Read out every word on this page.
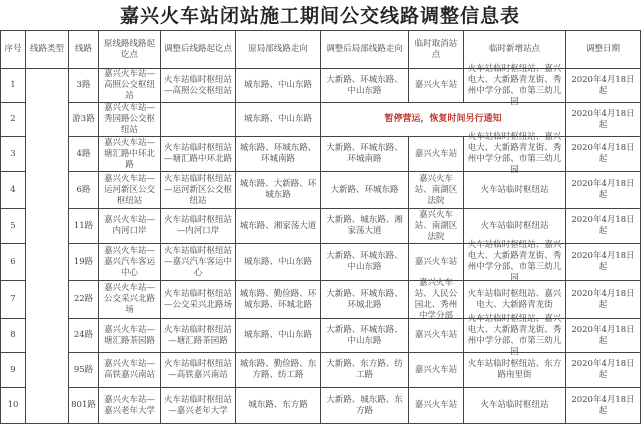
嘉兴火车站闭站施工期间公交线路调整信息表
序号	线路类型	线路	原线路线路起讫点	调整后线路起讫点	原局部线路走向	调整后局部线路走向	临时取消站点	临时新增站点	调整日期

1		3路

嘉兴火车站—高照公交枢纽站

火车站临时枢纽站—高照公交枢纽站

城东路、中山东路

大新路、环城东路、中山东路

嘉兴火车站

火车站临时枢纽站、嘉兴电大、大新路青龙街、秀州中学分部、市第三幼儿园

2020年4月18日起

2	游3路

嘉兴火车站—秀园路公交枢纽站

城东路、中山东路	暂停营运，恢复时间另行通知

2020年4月18日起

3	4路

嘉兴火车站—塘汇路中环北路

火车站临时枢纽站—塘汇路中环北路

城东路、环城东路、环城南路

大新路、环城东路、环城南路

嘉兴火车站

火车站临时枢纽站、嘉兴电大、大新路青龙街、秀州中学分部、市第三幼儿园

2020年4月18日起

4	6路

嘉兴火车站—运河新区公交枢纽站

火车站临时枢纽站—运河新区公交枢纽站

城东路、大新路、环城东路

大新路、环城东路

嘉兴火车站、南湖区法院

火车站临时枢纽站

2020年4月18日起

5	11路

嘉兴火车站—内河口岸

火车站临时枢纽站—内河口岸

城东路、湘家荡大道

大新路、城东路、湘家荡大道

嘉兴火车站、南湖区法院

火车站临时枢纽站

2020年4月18日起

6	19路

嘉兴火车站—嘉兴汽车客运中心

火车站临时枢纽站—嘉兴汽车客运中心

城东路、中山东路

大新路、环城东路、中山东路

嘉兴火车站

火车站临时枢纽站、嘉兴电大、大新路青龙街、秀州中学分部、市第三幼儿园

2020年4月18日起

7	22路

嘉兴火车站—公交采兴北路场

火车站临时枢纽站—公交采兴北路场

城东路、勤俭路、环城东路、环城北路

大新路、环城东路、环城北路

嘉兴火车站、人民公园北、秀州中学分部

火车站临时枢纽站、嘉兴电大、大新路青龙街

2020年4月18日起

8	24路

嘉兴火车站—塘汇路茶园路

火车站临时枢纽站—塘汇路茶园路

城东路、中山东路

大新路、环城东路、中山东路

嘉兴火车站

火车站临时枢纽站、嘉兴电大、大新路青龙街、秀州中学分部、市第三幼儿园

2020年4月18日起

9	95路

嘉兴火车站—高铁嘉兴南站

火车站临时枢纽站—高铁嘉兴南站

城东路、勤俭路、东方路、纺工路

大新路、东方路、纺工路

嘉兴火车站

火车站临时枢纽站、东方路甪里街

2020年4月18日起

10	801路

嘉兴火车站—嘉兴老年大学

火车站临时枢纽站—嘉兴老年大学

城东路、东方路

大新路、城东路、东方路

嘉兴火车站	火车站临时枢纽站

2020年4月18日起
